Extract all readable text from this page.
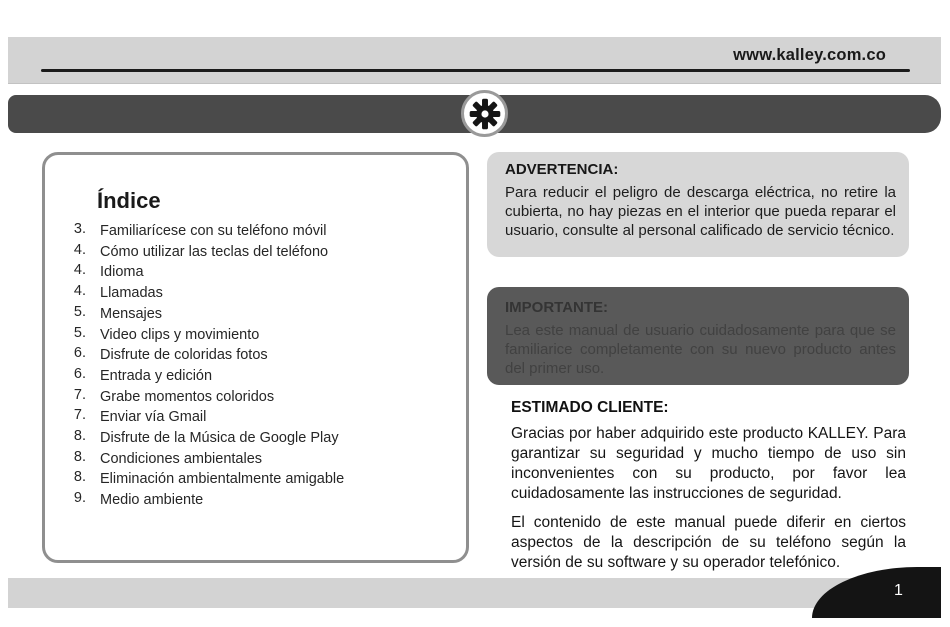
www.kalley.com.co
Índice
3. Familiarícese con su teléfono móvil
4. Cómo utilizar las teclas del teléfono
4. Idioma
4. Llamadas
5. Mensajes
5. Video clips y movimiento
6. Disfrute de coloridas fotos
6. Entrada y edición
7. Grabe momentos coloridos
7. Enviar vía Gmail
8. Disfrute de la Música de Google Play
8. Condiciones ambientales
8. Eliminación ambientalmente amigable
9. Medio ambiente
ADVERTENCIA:
Para reducir el peligro de descarga eléctrica, no retire la cubierta, no hay piezas en el interior que pueda reparar el usuario, consulte al personal calificado de servicio técnico.
IMPORTANTE:
Lea este manual de usuario cuidadosamente para que se familiarice completamente con su nuevo producto antes del primer uso.
ESTIMADO CLIENTE:

Gracias por haber adquirido este producto KALLEY. Para garantizar su seguridad y mucho tiempo de uso sin inconvenientes con su producto, por favor lea cuidadosamente las instrucciones de seguridad.

El contenido de este manual puede diferir en ciertos aspectos de la descripción de su teléfono según la versión de su software y su operador telefónico.

1
